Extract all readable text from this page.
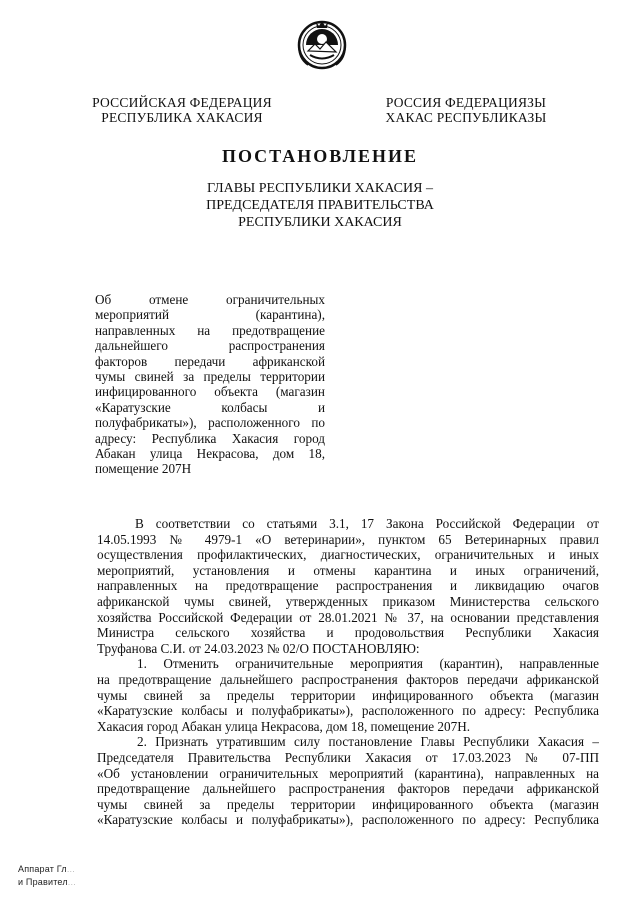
РОССИЙСКАЯ ФЕДЕРАЦИЯ
РЕСПУБЛИКА ХАКАСИЯ
РОССИЯ ФЕДЕРАЦИЯЗЫ
ХАКАС РЕСПУБЛИКАЗЫ
ПОСТАНОВЛЕНИЕ
ГЛАВЫ РЕСПУБЛИКИ ХАКАСИЯ –
ПРЕДСЕДАТЕЛЯ ПРАВИТЕЛЬСТВА
РЕСПУБЛИКИ ХАКАСИЯ
Об отмене ограничительных
мероприятий (карантина),
направленных на предотвращение
дальнейшего распространения
факторов передачи африканской
чумы свиней за пределы территории
инфицированного объекта (магазин
«Каратузские колбасы и
полуфабрикаты»), расположенного по
адресу: Республика Хакасия город
Абакан улица Некрасова, дом 18,
помещение 207Н
В соответствии со статьями 3.1, 17 Закона Российской Федерации от
14.05.1993 № 4979-1 «О ветеринарии», пунктом 65 Ветеринарных правил
осуществления профилактических, диагностических, ограничительных и иных
мероприятий, установления и отмены карантина и иных ограничений,
направленных на предотвращение распространения и ликвидацию очагов
африканской чумы свиней, утвержденных приказом Министерства сельского
хозяйства Российской Федерации от 28.01.2021 № 37, на основании представления
Министра сельского хозяйства и продовольствия Республики Хакасия
Труфанова С.И. от 24.03.2023 № 02/О ПОСТАНОВЛЯЮ:
1. Отменить ограничительные мероприятия (карантин), направленные
на предотвращение дальнейшего распространения факторов передачи африканской
чумы свиней за пределы территории инфицированного объекта (магазин
«Каратузские колбасы и полуфабрикаты»), расположенного по адресу: Республика
Хакасия город Абакан улица Некрасова, дом 18, помещение 207Н.
2. Признать утратившим силу постановление Главы Республики Хакасия –
Председателя Правительства Республики Хакасия от 17.03.2023 № 07-ПП
«Об установлении ограничительных мероприятий (карантина), направленных на
предотвращение дальнейшего распространения факторов передачи африканской
чумы свиней за пределы территории инфицированного объекта (магазин
«Каратузские колбасы и полуфабрикаты»), расположенного по адресу: Республика
Аппарат Гл...
и Правител...
